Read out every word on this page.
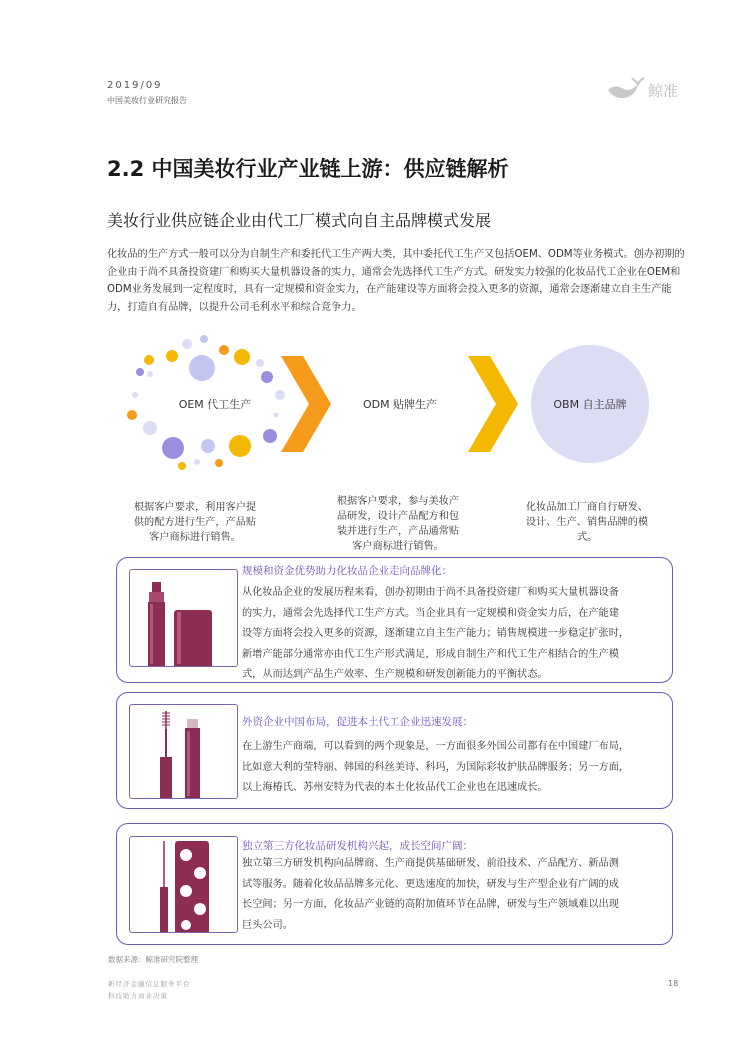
2019/09
中国美妆行业研究报告
鲸准
2.2 中国美妆行业产业链上游：供应链解析
美妆行业供应链企业由代工厂模式向自主品牌模式发展
化妆品的生产方式一般可以分为自制生产和委托代工生产两大类，其中委托代工生产又包括OEM、ODM等业务模式。创办初期的企业由于尚不具备投资建厂和购买大量机器设备的实力，通常会先选择代工生产方式。研发实力较强的化妆品代工企业在OEM和ODM业务发展到一定程度时，具有一定规模和资金实力，在产能建设等方面将会投入更多的资源，通常会逐渐建立自主生产能力，打造自有品牌，以提升公司毛利水平和综合竞争力。
OEM 代工生产	ODM 贴牌生产	OBM 自主品牌
根据客户要求，利用客户提
供的配方进行生产，产品贴
客户商标进行销售。
根据客户要求，参与美妆产
品研发，设计产品配方和包
装并进行生产，产品通常贴
客户商标进行销售。
化妆品加工厂商自行研发、
设计、生产、销售品牌的模
式。
规模和资金优势助力化妆品企业走向品牌化：
从化妆品企业的发展历程来看，创办初期由于尚不具备投资建厂和购买大量机器设备
的实力，通常会先选择代工生产方式。当企业具有一定规模和资金实力后，在产能建
设等方面将会投入更多的资源，逐渐建立自主生产能力；销售规模进一步稳定扩张时，
新增产能部分通常亦由代工生产形式满足，形成自制生产和代工生产相结合的生产模
式，从而达到产品生产效率、生产规模和研发创新能力的平衡状态。
外资企业中国布局，促进本土代工企业迅速发展：
在上游生产商端，可以看到的两个现象是，一方面很多外国公司都有在中国建厂布局，
比如意大利的莹特丽、韩国的科丝美诗、科玛，为国际彩妆护肤品牌服务；另一方面，
以上海椿氏、苏州安特为代表的本土化妆品代工企业也在迅速成长。
独立第三方化妆品研发机构兴起，成长空间广阔：
独立第三方研发机构向品牌商、生产商提供基础研发、前沿技术、产品配方、新品测
试等服务。随着化妆品品牌多元化、更迭速度的加快，研发与生产型企业有广阔的成
长空间；另一方面，化妆品产业链的高附加值环节在品牌，研发与生产领域难以出现
巨头公司。
数据来源：鲸准研究院整理
新经济金融信息服务平台
科技助力商业决策
18
